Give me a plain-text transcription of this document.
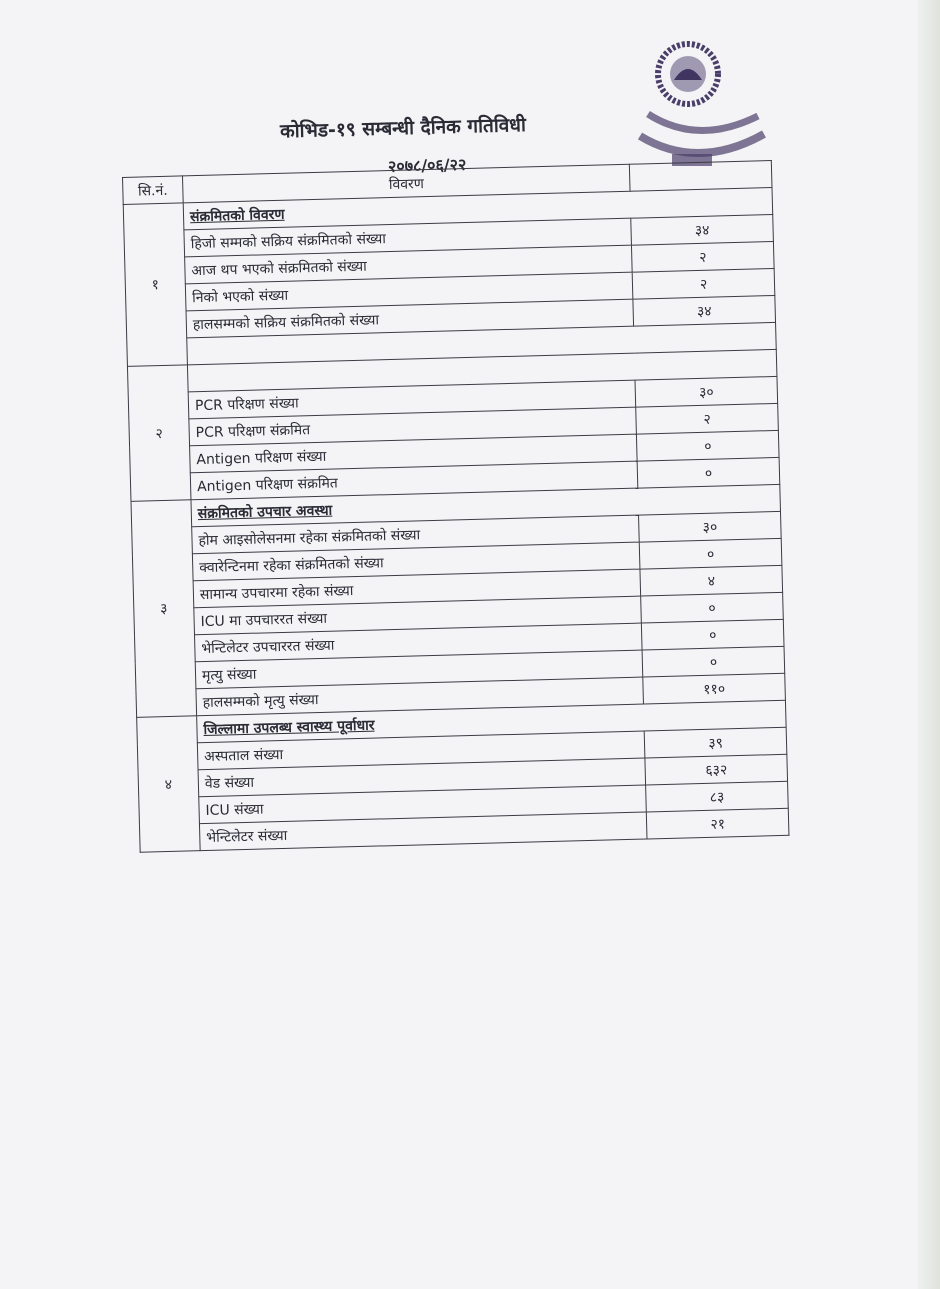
कोभिड-१९ सम्बन्धी दैनिक गतिविधी
२०७८/०६/२२
सि.नं.	विवरण	
१	संक्रमितको विवरण	
	हिजो सम्मको सक्रिय संक्रमितको संख्या	३४
	आज थप भएको संक्रमितको संख्या	२
	निको भएको संख्या	२
	हालसम्मको सक्रिय संक्रमितको संख्या	३४

२		
	PCR परिक्षण संख्या	३०
	PCR परिक्षण संक्रमित	२
	Antigen परिक्षण संख्या	०
	Antigen परिक्षण संक्रमित	०
३	संक्रमितको उपचार अवस्था	
	होम आइसोलेसनमा रहेका संक्रमितको संख्या	३०
	क्वारेन्टिनमा रहेका संक्रमितको संख्या	०
	सामान्य उपचारमा रहेका संख्या	४
	ICU मा उपचाररत संख्या	०
	भेन्टिलेटर उपचाररत संख्या	०
	मृत्यु संख्या	०
	हालसम्मको मृत्यु संख्या	११०
४	जिल्लामा उपलब्ध स्वास्थ्य पूर्वाधार	
	अस्पताल संख्या	३९
	वेड संख्या	६३२
	ICU संख्या	८३
	भेन्टिलेटर संख्या	२१
